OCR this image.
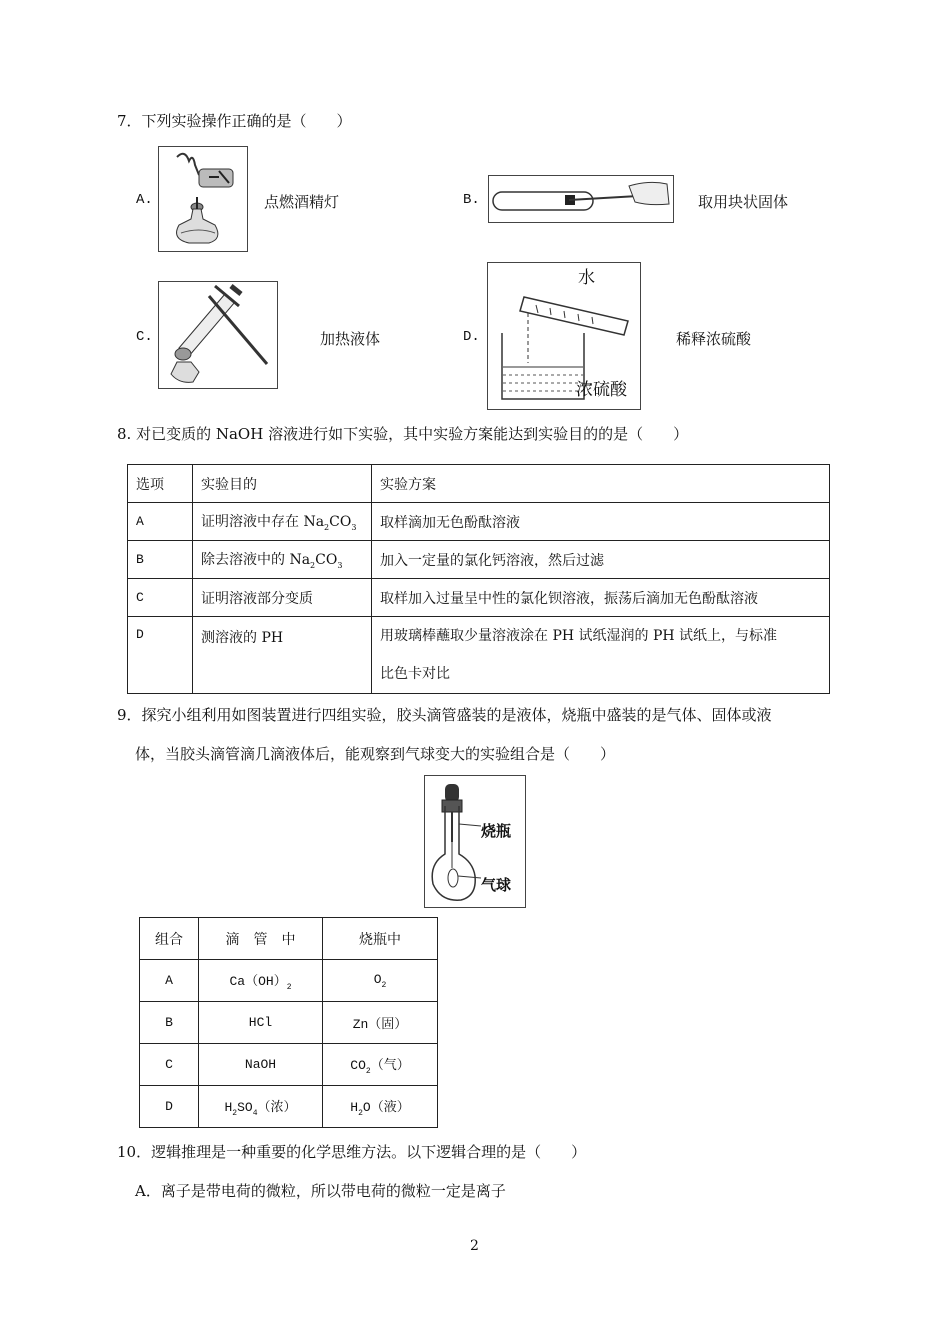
7．下列实验操作正确的是（　　）
A.	点燃酒精灯	B.	取用块状固体
C.	加热液体	D.
水
浓硫酸
稀释浓硫酸
8. 对已变质的 NaOH 溶液进行如下实验，其中实验方案能达到实验目的的是（　　）
选项	实验目的	实验方案
A	证明溶液中存在 $Na_2CO_3$	取样滴加无色酚酞溶液
B	除去溶液中的 $Na_2CO_3$	加入一定量的氯化钙溶液，然后过滤
C	证明溶液部分变质	取样加入过量呈中性的氯化钡溶液，振荡后滴加无色酚酞溶液
D	测溶液的 PH	用玻璃棒蘸取少量溶液涂在 PH 试纸湿润的 PH 试纸上，与标准
比色卡对比
9．探究小组利用如图装置进行四组实验，胶头滴管盛装的是液体，烧瓶中盛装的是气体、固体或液
体，当胶头滴管滴几滴液体后，能观察到气球变大的实验组合是（　　）
烧瓶
气球
组合	滴　管　中	烧瓶中
A	$Ca(OH)_2$	$O_2$
B	HCl	Zn（固）
C	NaOH	$CO_2$（气）
D	$H_2SO_4$（浓）	$H_2O$（液）
10．逻辑推理是一种重要的化学思维方法。以下逻辑合理的是（　　）
A．离子是带电荷的微粒，所以带电荷的微粒一定是离子
2
